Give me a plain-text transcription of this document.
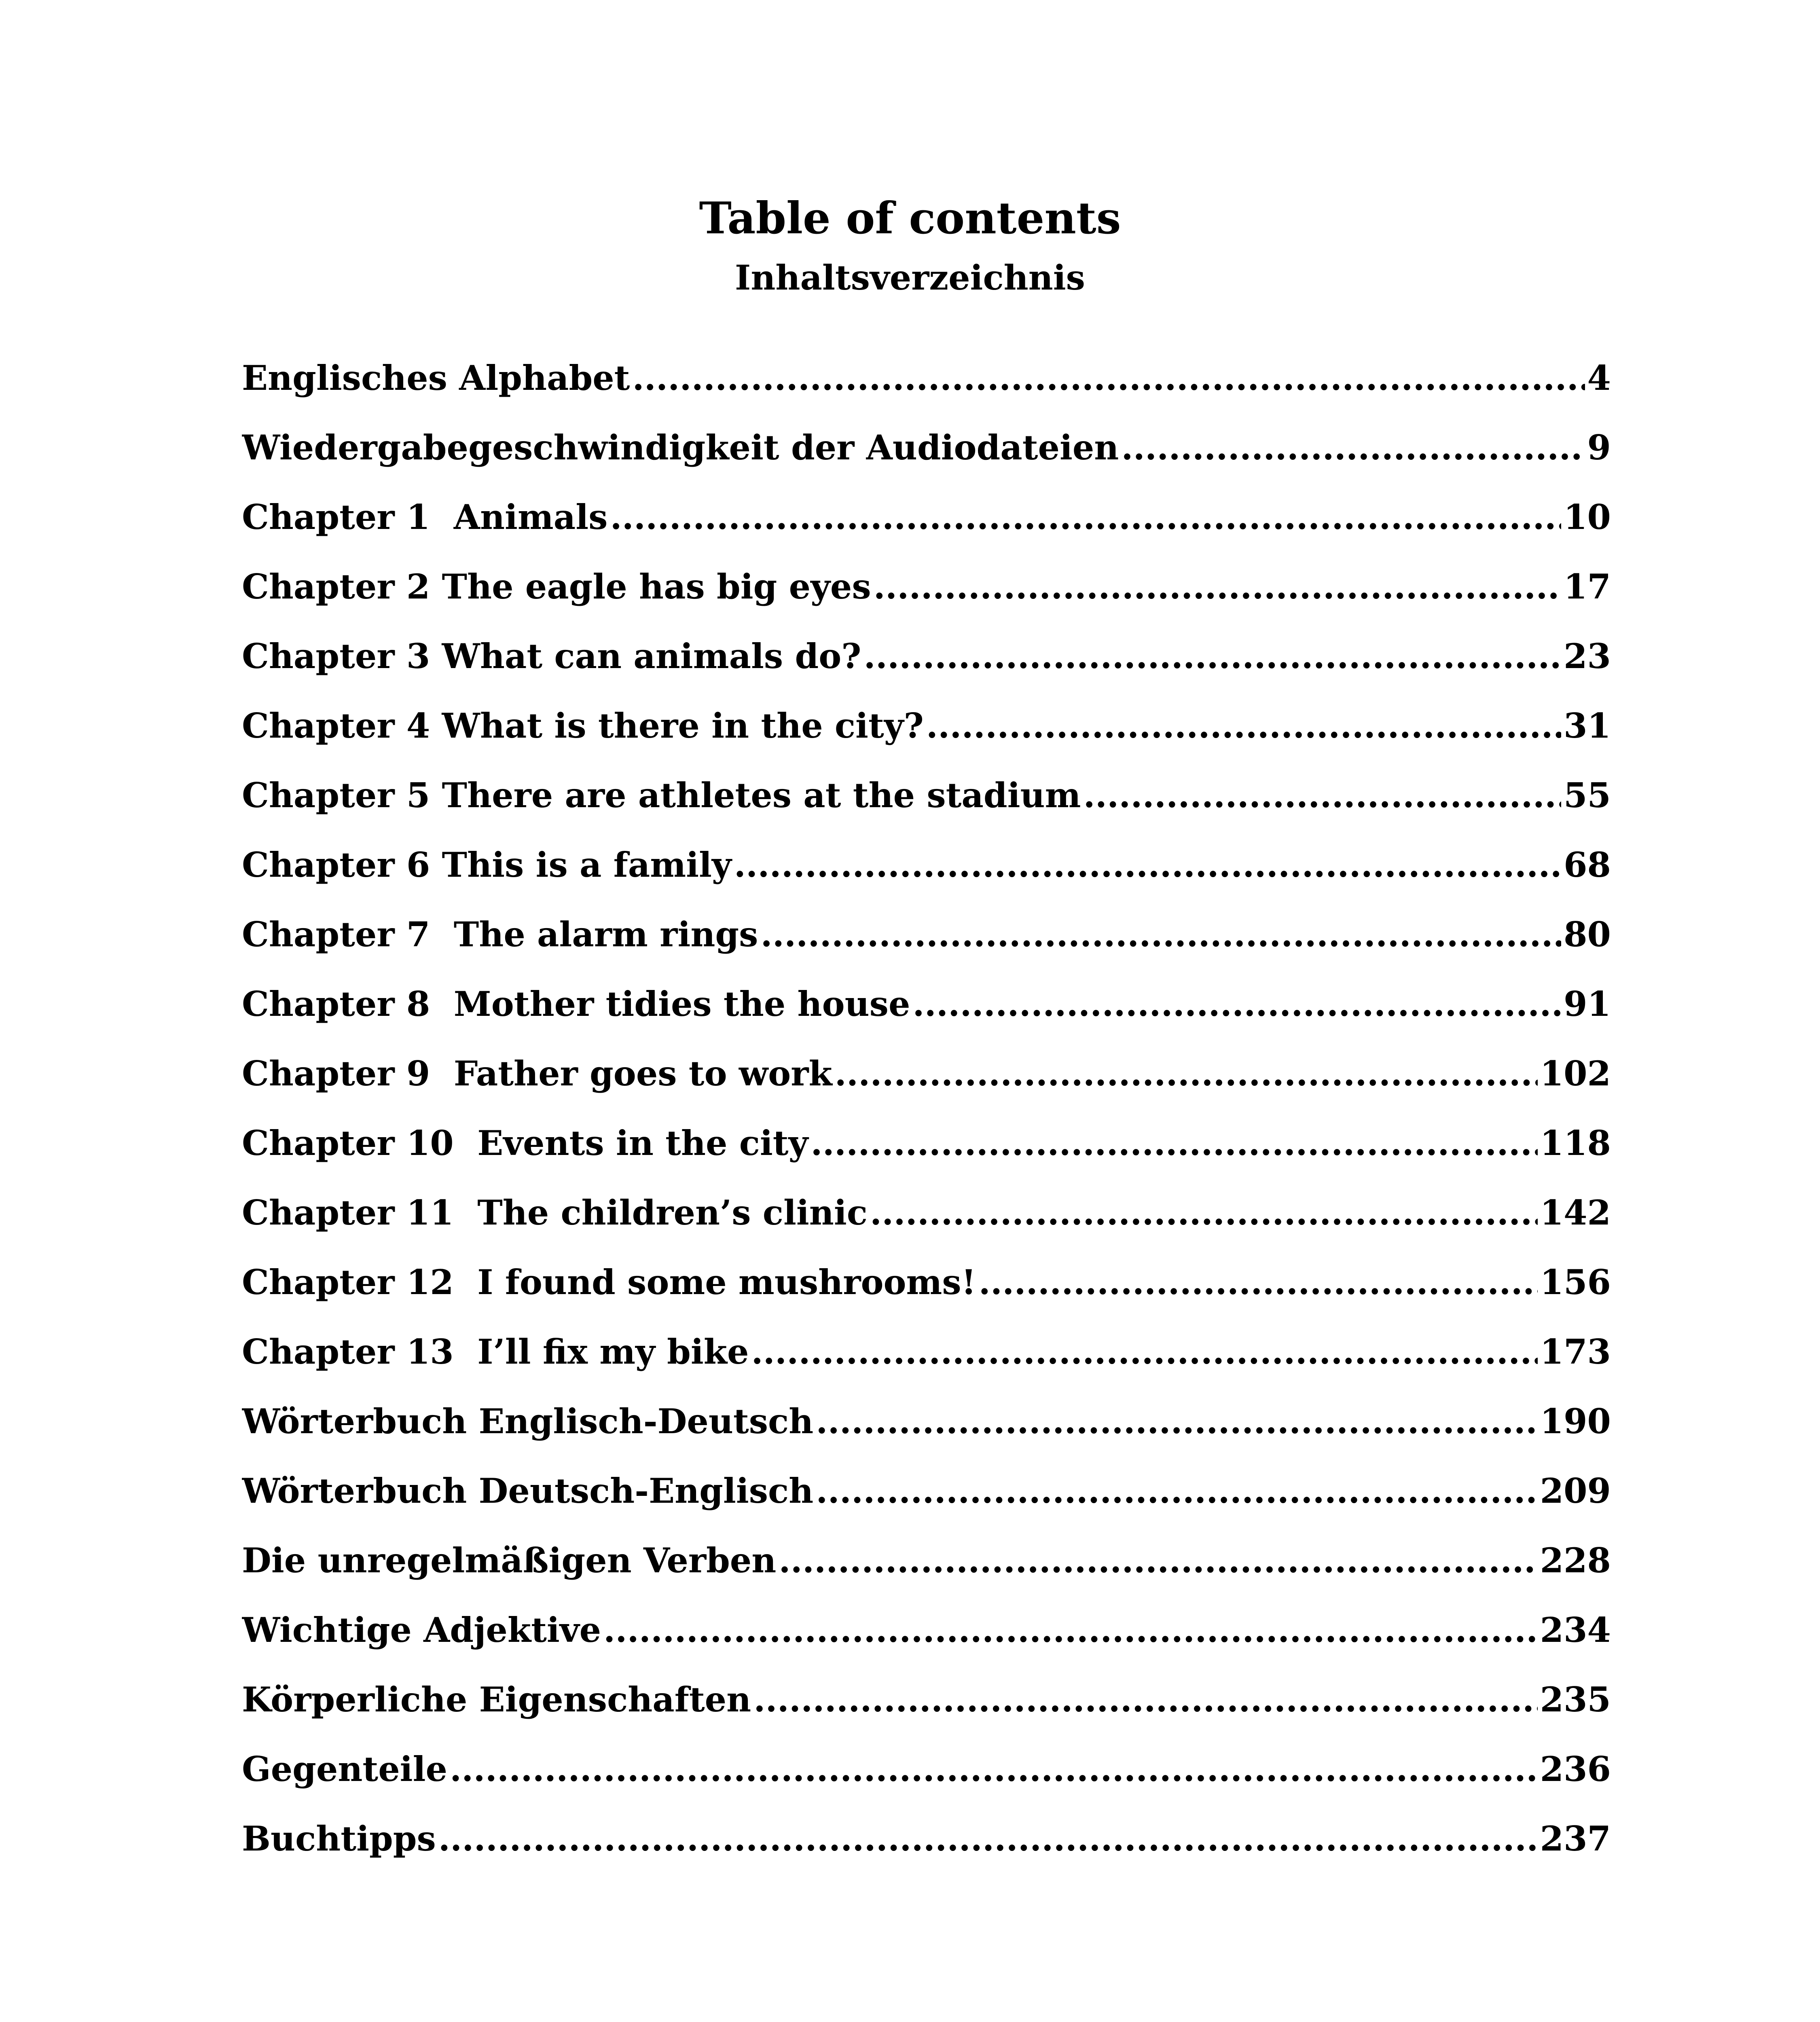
Table of contents
Inhaltsverzeichnis
Englisches Alphabet .....	4
Wiedergabegeschwindigkeit der Audiodateien .....	9
Chapter 1  Animals .....	10
Chapter 2 The eagle has big eyes .....	17
Chapter 3 What can animals do? .....	23
Chapter 4 What is there in the city? .....	31
Chapter 5 There are athletes at the stadium .....	55
Chapter 6 This is a family .....	68
Chapter 7  The alarm rings .....	80
Chapter 8  Mother tidies the house .....	91
Chapter 9  Father goes to work .....	102
Chapter 10  Events in the city .....	118
Chapter 11  The children’s clinic .....	142
Chapter 12  I found some mushrooms! .....	156
Chapter 13  I’ll fix my bike .....	173
Wörterbuch Englisch-Deutsch .....	190
Wörterbuch Deutsch-Englisch .....	209
Die unregelmäßigen Verben .....	228
Wichtige Adjektive .....	234
Körperliche Eigenschaften .....	235
Gegenteile .....	236
Buchtipps .....	237
